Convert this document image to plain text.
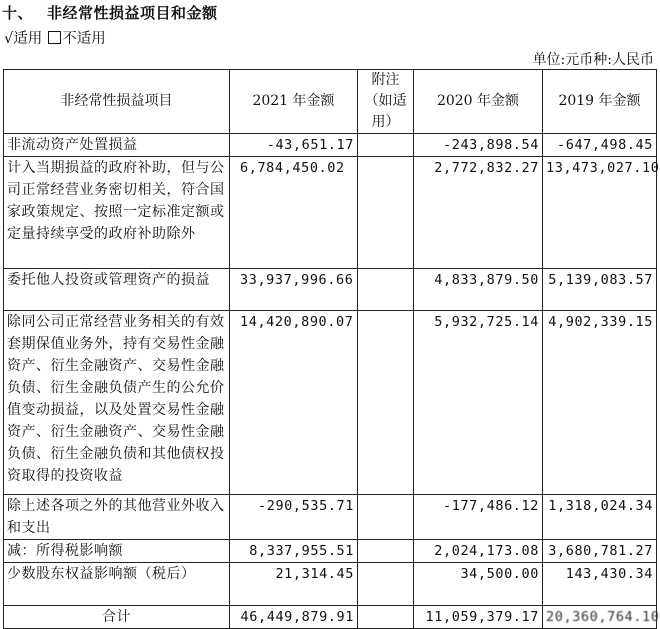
十、 非经常性损益项目和金额
√适用 不适用
单位:元币种:人民币
非经常性损益项目	2021 年金额	附注（如适用）	2020 年金额	2019 年金额
非流动资产处置损益	-43,651.17		-243,898.54	-647,498.45
计入当期损益的政府补助，但与公司正常经营业务密切相关，符合国家政策规定、按照一定标准定额或定量持续享受的政府补助除外	6,784,450.02		2,772,832.27	13,473,027.10
委托他人投资或管理资产的损益	33,937,996.66		4,833,879.50	5,139,083.57
除同公司正常经营业务相关的有效套期保值业务外，持有交易性金融资产、衍生金融资产、交易性金融负债、衍生金融负债产生的公允价值变动损益，以及处置交易性金融资产、衍生金融资产、交易性金融负债、衍生金融负债和其他债权投资取得的投资收益	14,420,890.07		5,932,725.14	4,902,339.15
除上述各项之外的其他营业外收入和支出	-290,535.71		-177,486.12	1,318,024.34
减：所得税影响额	8,337,955.51		2,024,173.08	3,680,781.27
少数股东权益影响额（税后）	21,314.45		34,500.00	143,430.34
合计	46,449,879.91		11,059,379.17	20,360,764.10
